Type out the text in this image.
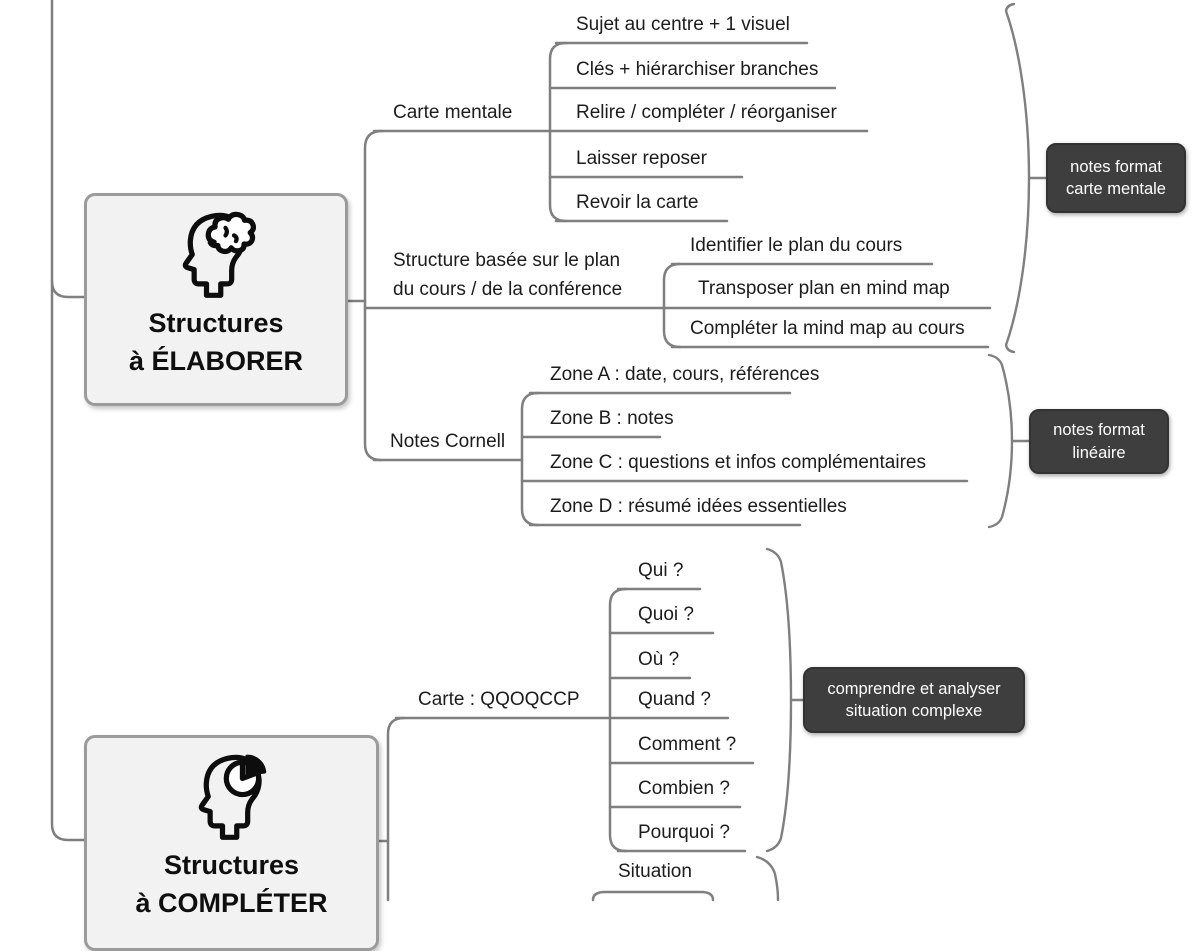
Structures
à ÉLABORER
Structures
à COMPLÉTER
Carte mentale
Structure basée sur le plan
du cours / de la conférence
Notes Cornell
Sujet au centre + 1 visuel
Clés + hiérarchiser branches
Relire / compléter / réorganiser
Laisser reposer
Revoir la carte
Identifier le plan du cours
Transposer plan en mind map
Compléter la mind map au cours
Zone A : date, cours, références
Zone B : notes
Zone C : questions et infos complémentaires
Zone D : résumé idées essentielles
Carte : QQOQCCP
Situation
Qui ?
Quoi ?
Où ?
Quand ?
Comment ?
Combien ?
Pourquoi ?
notes format carte mentale
notes format linéaire
comprendre et analyser situation complexe
